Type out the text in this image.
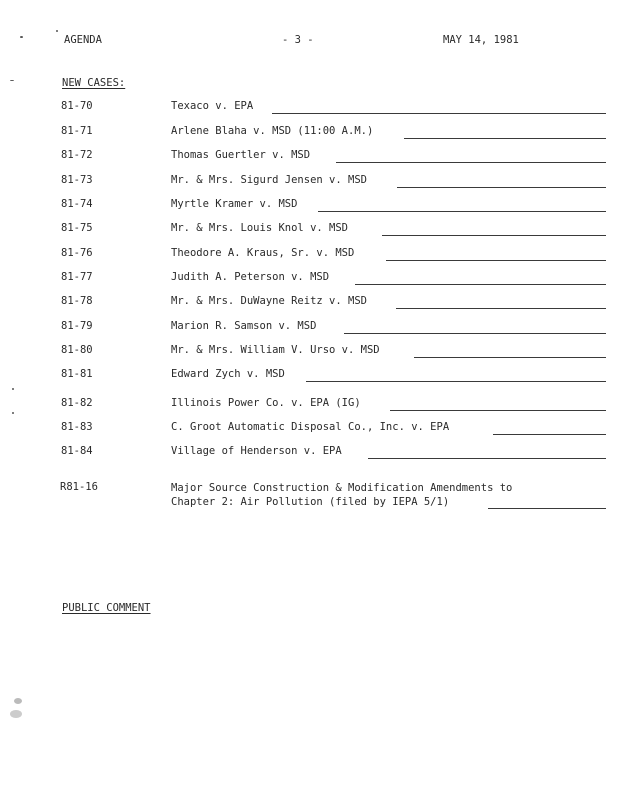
AGENDA	- 3 -	MAY 14, 1981
NEW CASES:
81-70	Texaco v. EPA
81-71	Arlene Blaha v. MSD (11:00 A.M.)
81-72	Thomas Guertler v. MSD
81-73	Mr. & Mrs. Sigurd Jensen v. MSD
81-74	Myrtle Kramer v. MSD
81-75	Mr. & Mrs. Louis Knol v. MSD
81-76	Theodore A. Kraus, Sr. v. MSD
81-77	Judith A. Peterson v. MSD
81-78	Mr. & Mrs. DuWayne Reitz v. MSD
81-79	Marion R. Samson v. MSD
81-80	Mr. & Mrs. William V. Urso v. MSD
81-81	Edward Zych v. MSD
81-82	Illinois Power Co. v. EPA (IG)
81-83	C. Groot Automatic Disposal Co., Inc. v. EPA
81-84	Village of Henderson v. EPA
R81-16	Major Source Construction & Modification Amendments to
Chapter 2: Air Pollution (filed by IEPA 5/1)
PUBLIC COMMENT
